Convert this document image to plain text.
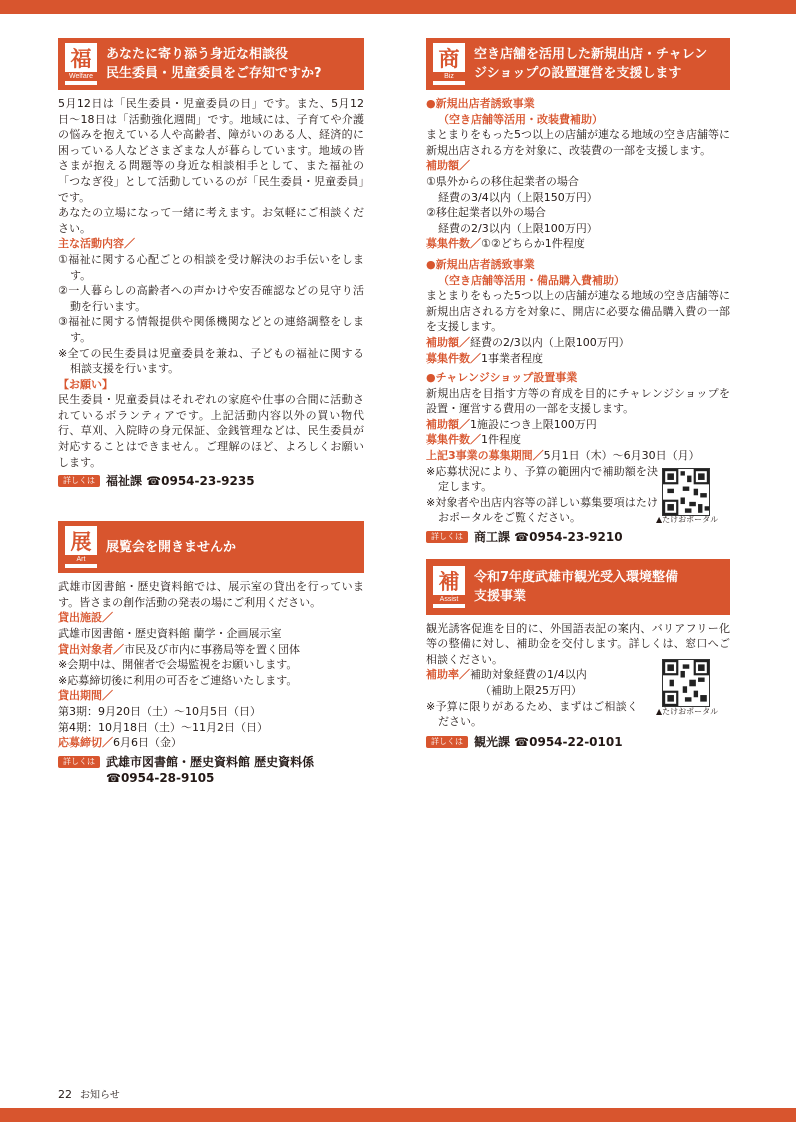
福
Welfare
あなたに寄り添う身近な相談役
民生委員・児童委員をご存知ですか?
5月12日は「民生委員・児童委員の日」です。また、5月12日〜18日は「活動強化週間」です。地域には、子育てや介護の悩みを抱えている人や高齢者、障がいのある人、経済的に困っている人などさまざまな人が暮らしています。地域の皆さまが抱える問題等の身近な相談相手として、また福祉の「つなぎ役」として活動しているのが「民生委員・児童委員」です。
あなたの立場になって一緒に考えます。お気軽にご相談ください。
主な活動内容／
①福祉に関する心配ごとの相談を受け解決のお手伝いをします。
②一人暮らしの高齢者への声かけや安否確認などの見守り活動を行います。
③福祉に関する情報提供や関係機関などとの連絡調整をします。
※全ての民生委員は児童委員を兼ね、子どもの福祉に関する相談支援を行います。
【お願い】
民生委員・児童委員はそれぞれの家庭や仕事の合間に活動されているボランティアです。上記活動内容以外の買い物代行、草刈、入院時の身元保証、金銭管理などは、民生委員が対応することはできません。ご理解のほど、よろしくお願いします。
詳しくは 福祉課 ☎0954-23-9235
展
Art
展覧会を開きませんか
武雄市図書館・歴史資料館では、展示室の貸出を行っています。皆さまの創作活動の発表の場にご利用ください。
貸出施設／
武雄市図書館・歴史資料館 蘭学・企画展示室
貸出対象者／市民及び市内に事務局等を置く団体
※会期中は、開催者で会場監視をお願いします。
※応募締切後に利用の可否をご連絡いたします。
貸出期間／
第3期：9月20日（土）〜10月5日（日）
第4期：10月18日（土）〜11月2日（日）
応募締切／6月6日（金）
詳しくは 武雄市図書館・歴史資料館 歴史資料係
☎0954-28-9105
商
Biz
空き店舗を活用した新規出店・チャレン
ジショップの設置運営を支援します
●新規出店者誘致事業
（空き店舗等活用・改装費補助）
まとまりをもった5つ以上の店舗が連なる地域の空き店舗等に新規出店される方を対象に、改装費の一部を支援します。
補助額／
①県外からの移住起業者の場合
経費の3/4以内（上限150万円）
②移住起業者以外の場合
経費の2/3以内（上限100万円）
募集件数／①②どちらか1件程度
●新規出店者誘致事業
（空き店舗等活用・備品購入費補助）
まとまりをもった5つ以上の店舗が連なる地域の空き店舗等に新規出店される方を対象に、開店に必要な備品購入費の一部を支援します。
補助額／経費の2/3以内（上限100万円）
募集件数／1事業者程度
●チャレンジショップ設置事業
新規出店を目指す方等の育成を目的にチャレンジショップを設置・運営する費用の一部を支援します。
補助額／1施設につき上限100万円
募集件数／1件程度
上記3事業の募集期間／5月1日（木）〜6月30日（月）
※応募状況により、予算の範囲内で補助額を決定します。
※対象者や出店内容等の詳しい募集要項はたけおポータルをご覧ください。	▲たけおポータル
詳しくは 商工課 ☎0954-23-9210
補
Assist
令和7年度武雄市観光受入環境整備
支援事業
観光誘客促進を目的に、外国語表記の案内、バリアフリー化等の整備に対し、補助金を交付します。詳しくは、窓口へご相談ください。
補助率／補助対象経費の1/4以内
（補助上限25万円）
※予算に限りがあるため、まずはご相談ください。
▲たけおポータル
詳しくは 観光課 ☎0954-22-0101
22 お知らせ
